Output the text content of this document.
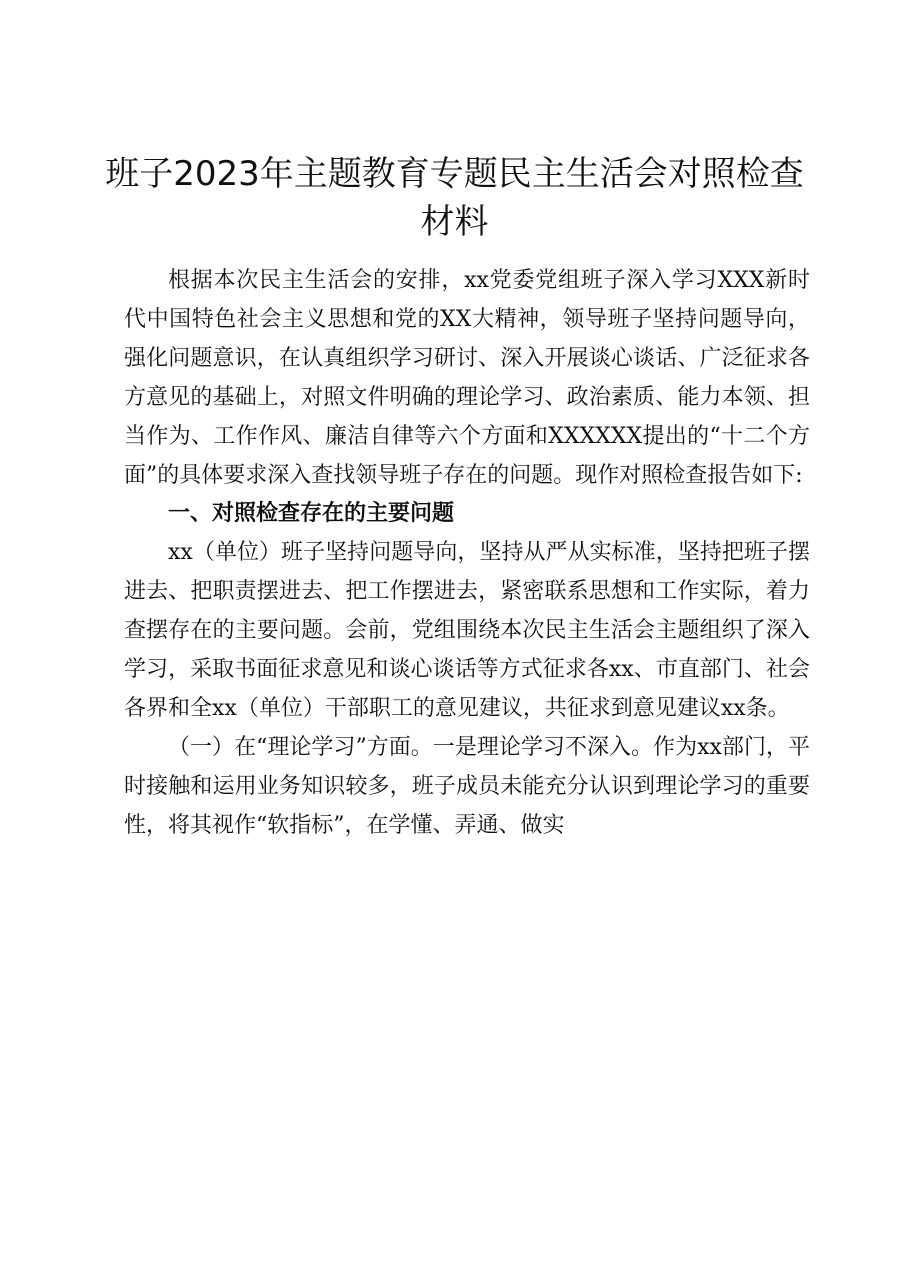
班子2023年主题教育专题民主生活会对照检查材料

根据本次民主生活会的安排，xx党委党组班子深入学习XXX新时代中国特色社会主义思想和党的XX大精神，领导班子坚持问题导向，强化问题意识，在认真组织学习研讨、深入开展谈心谈话、广泛征求各方意见的基础上，对照文件明确的理论学习、政治素质、能力本领、担当作为、工作作风、廉洁自律等六个方面和XXXXXX提出的“十二个方面”的具体要求深入查找领导班子存在的问题。现作对照检查报告如下:

一、对照检查存在的主要问题

xx（单位）班子坚持问题导向，坚持从严从实标准，坚持把班子摆进去、把职责摆进去、把工作摆进去，紧密联系思想和工作实际，着力查摆存在的主要问题。会前，党组围绕本次民主生活会主题组织了深入学习，采取书面征求意见和谈心谈话等方式征求各xx、市直部门、社会各界和全xx（单位）干部职工的意见建议，共征求到意见建议xx条。

（一）在“理论学习”方面。一是理论学习不深入。作为xx部门，平时接触和运用业务知识较多，班子成员未能充分认识到理论学习的重要性，将其视作“软指标”，在学懂、弄通、做实
